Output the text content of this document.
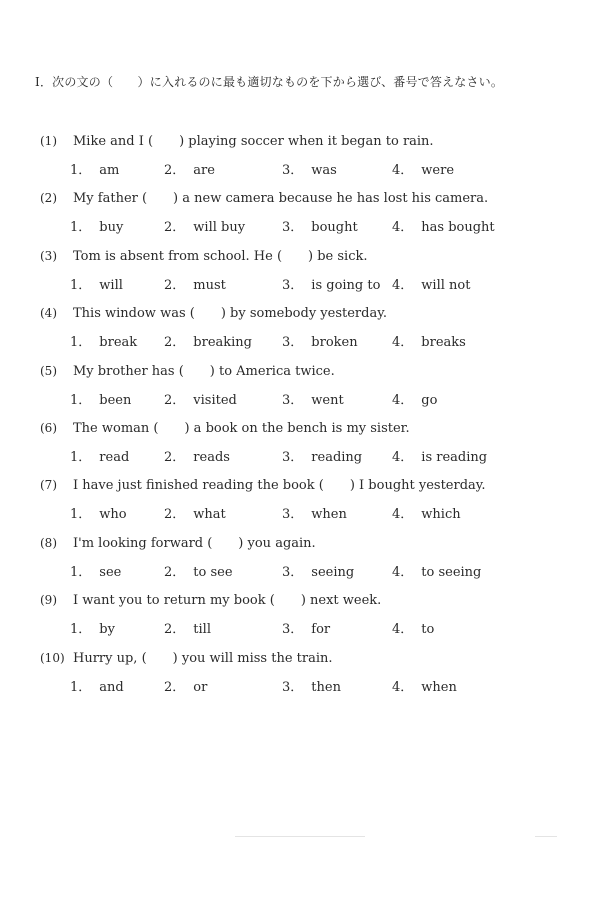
Ⅰ．次の文の（　　）に入れるのに最も適切なものを下から選び、番号で答えなさい。
(1) Mike and I (　　) playing soccer when it began to rain.
1． am	2． are	3． was	4． were
(2) My father (　　) a new camera because he has lost his camera.
1． buy	2． will buy	3． bought	4． has bought
(3) Tom is absent from school. He (　　) be sick.
1． will	2． must	3． is going to 4． will not
(4) This window was (　　) by somebody yesterday.
1． break 2． breaking 3． broken	4． breaks
(5) My brother has (　　) to America twice.
1． been	2． visited	3． went	4． go
(6) The woman (　　) a book on the bench is my sister.
1． read	2． reads	3． reading 4． is reading
(7) I have just finished reading the book (　　) I bought yesterday.
1． who	2． what	3． when	4． which
(8) I'm looking forward (　　) you again.
1． see	2． to see	3． seeing	4． to seeing
(9) I want you to return my book (　　) next week.
1． by	2． till	3． for	4． to
(10) Hurry up, (　　) you will miss the train.
1． and	2． or	3． then	4． when
